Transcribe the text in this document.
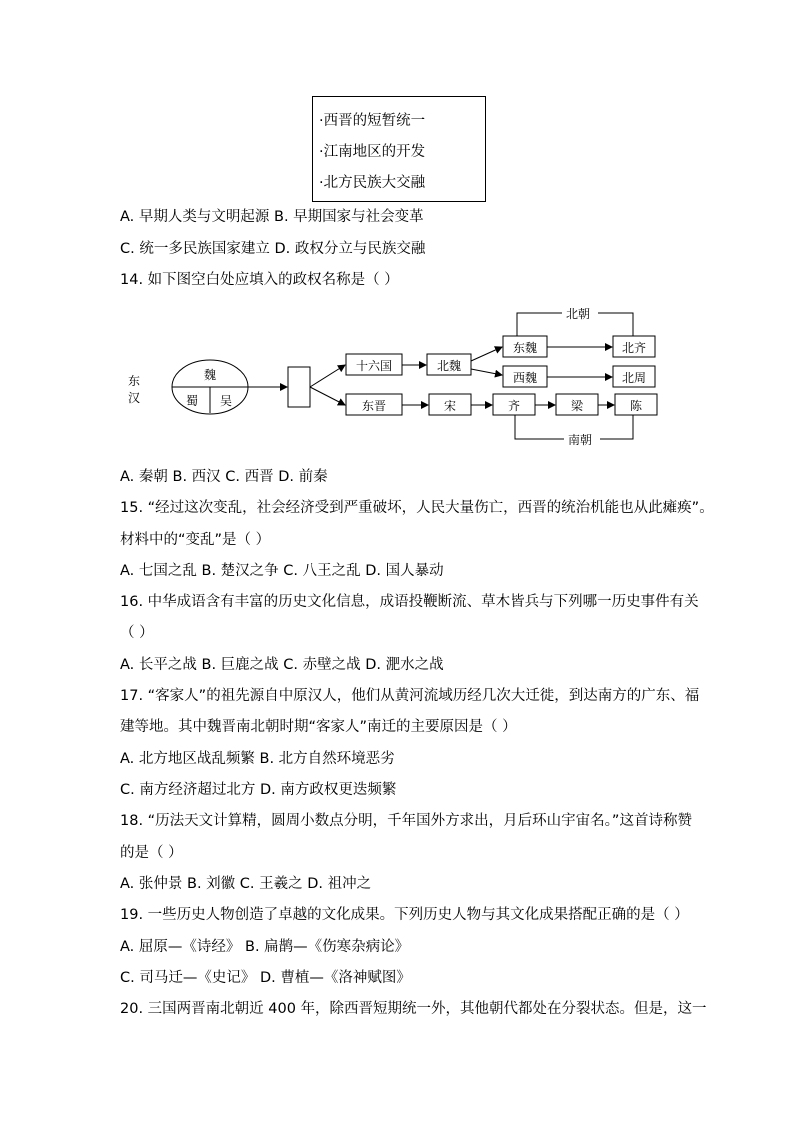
·西晋的短暂统一
·江南地区的开发
·北方民族大交融
A. 早期人类与文明起源 B. 早期国家与社会变革
C. 统一多民族国家建立 D. 政权分立与民族交融
14. 如下图空白处应填入的政权名称是（ ）
东
汉
魏
蜀 吴
十六国	北魏
东魏
西魏
北齐
北周
东晋	宋	齐	梁	陈
北朝
南朝
A. 秦朝 B. 西汉 C. 西晋 D. 前秦
15. “经过这次变乱，社会经济受到严重破坏，人民大量伤亡，西晋的统治机能也从此瘫痪”。
材料中的“变乱”是（ ）
A. 七国之乱 B. 楚汉之争 C. 八王之乱 D. 国人暴动
16. 中华成语含有丰富的历史文化信息，成语投鞭断流、草木皆兵与下列哪一历史事件有关
（ ）
A. 长平之战 B. 巨鹿之战 C. 赤壁之战 D. 淝水之战
17. “客家人”的祖先源自中原汉人，他们从黄河流域历经几次大迁徙，到达南方的广东、福
建等地。其中魏晋南北朝时期“客家人”南迁的主要原因是（ ）
A. 北方地区战乱频繁 B. 北方自然环境恶劣
C. 南方经济超过北方 D. 南方政权更迭频繁
18. “历法天文计算精，圆周小数点分明，千年国外方求出，月后环山宇宙名。”这首诗称赞
的是（ ）
A. 张仲景 B. 刘徽 C. 王羲之 D. 祖冲之
19. 一些历史人物创造了卓越的文化成果。下列历史人物与其文化成果搭配正确的是（ ）
A. 屈原—《诗经》 B. 扁鹊—《伤寒杂病论》
C. 司马迁—《史记》 D. 曹植—《洛神赋图》
20. 三国两晋南北朝近 400 年，除西晋短期统一外，其他朝代都处在分裂状态。但是，这一
